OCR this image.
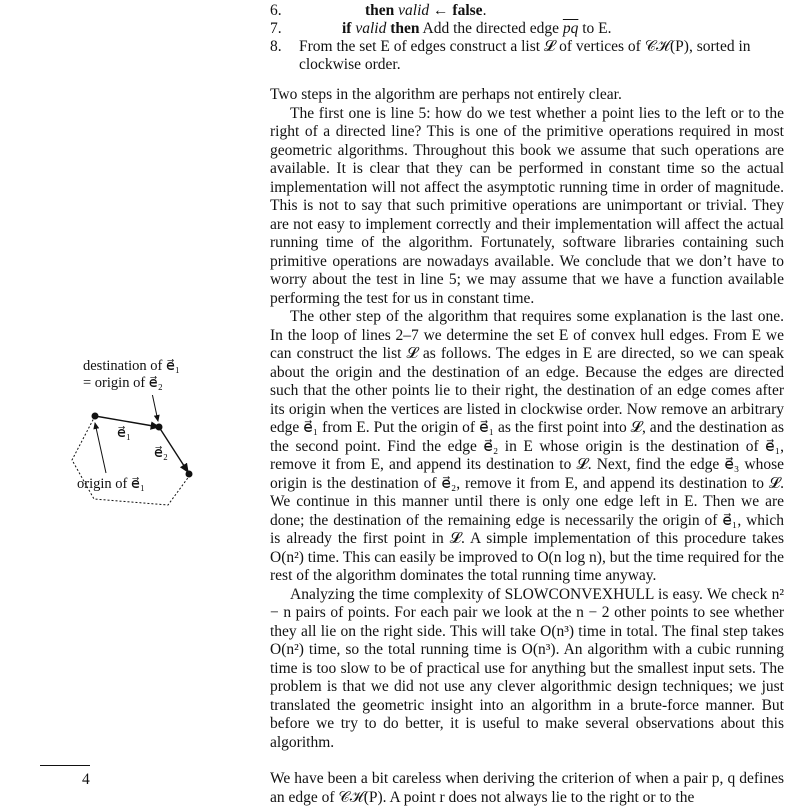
6.	then valid ← false.
7.	if valid then Add the directed edge $\overline{pq}$ to E.
8. From the set E of edges construct a list 𝓛 of vertices of 𝒞ℋ(P), sorted in
clockwise order.

Two steps in the algorithm are perhaps not entirely clear.

The first one is line 5: how do we test whether a point lies to the left or to the right of a directed line? This is one of the primitive operations required in most geometric algorithms. Throughout this book we assume that such operations are available. It is clear that they can be performed in constant time so the actual implementation will not affect the asymptotic running time in order of magnitude. This is not to say that such primitive operations are unimportant or trivial. They are not easy to implement correctly and their implementation will affect the actual running time of the algorithm. Fortunately, software libraries containing such primitive operations are nowadays available. We conclude that we don’t have to worry about the test in line 5; we may assume that we have a function available performing the test for us in constant time.

The other step of the algorithm that requires some explanation is the last one. In the loop of lines 2–7 we determine the set E of convex hull edges. From E we can construct the list 𝓛 as follows. The edges in E are directed, so we can speak about the origin and the destination of an edge. Because the edges are directed such that the other points lie to their right, the destination of an edge comes after its origin when the vertices are listed in clockwise order. Now remove an arbitrary edge e⃗₁ from E. Put the origin of e⃗₁ as the first point into 𝓛, and the destination as the second point. Find the edge e⃗₂ in E whose origin is the destination of e⃗₁, remove it from E, and append its destination to 𝓛. Next, find the edge e⃗₃ whose origin is the destination of e⃗₂, remove it from E, and append its destination to 𝓛. We continue in this manner until there is only one edge left in E. Then we are done; the destination of the remaining edge is necessarily the origin of e⃗₁, which is already the first point in 𝓛. A simple implementation of this procedure takes O(n²) time. This can easily be improved to O(n log n), but the time required for the rest of the algorithm dominates the total running time anyway.

Analyzing the time complexity of SLOWCONVEXHULL is easy. We check n² − n pairs of points. For each pair we look at the n − 2 other points to see whether they all lie on the right side. This will take O(n³) time in total. The final step takes O(n²) time, so the total running time is O(n³). An algorithm with a cubic running time is too slow to be of practical use for anything but the smallest input sets. The problem is that we did not use any clever algorithmic design techniques; we just translated the geometric insight into an algorithm in a brute-force manner. But before we try to do better, it is useful to make several observations about this algorithm.

We have been a bit careless when deriving the criterion of when a pair p, q defines an edge of 𝒞ℋ(P). A point r does not always lie to the right or to the

destination of e⃗₁
= origin of e⃗₂
e⃗₁
e⃗₂
origin of e⃗₁
4
